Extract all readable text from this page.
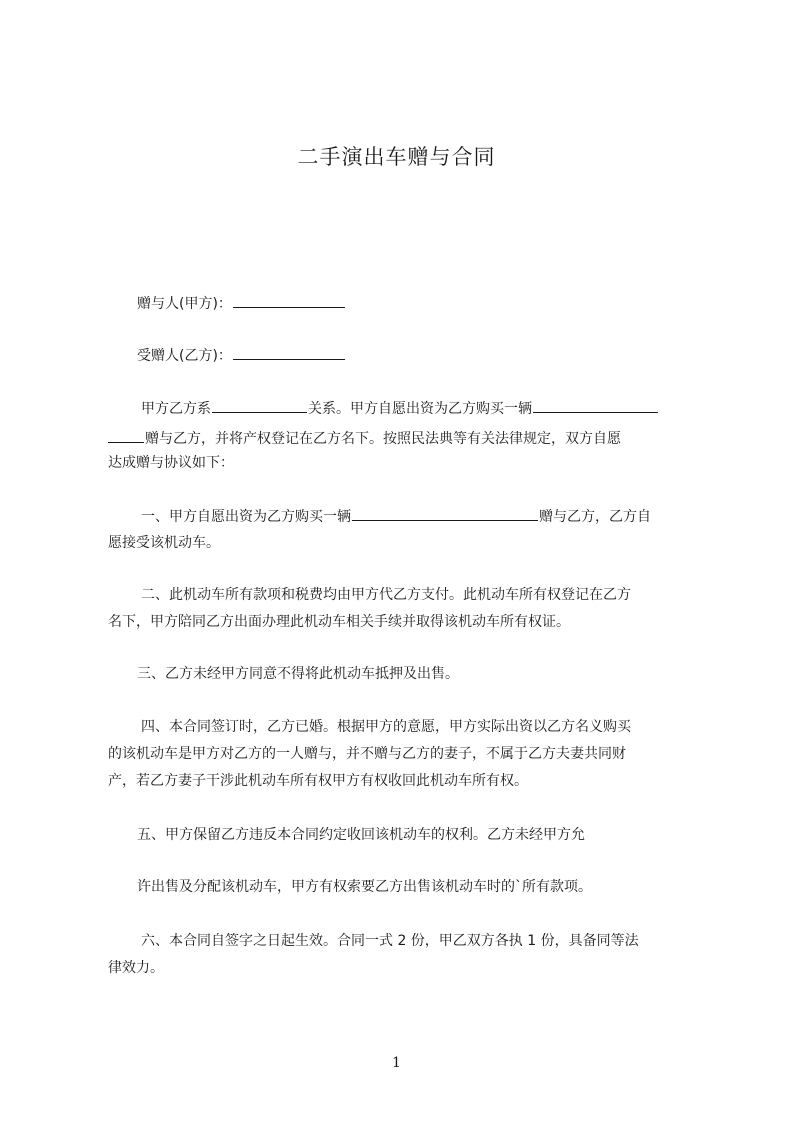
二手演出车赠与合同
赠与人(甲方)：
受赠人(乙方)：
甲方乙方系	关系。甲方自愿出资为乙方购买一辆
赠与乙方，并将产权登记在乙方名下。按照民法典等有关法律规定，双方自愿
达成赠与协议如下：
一、甲方自愿出资为乙方购买一辆	赠与乙方，乙方自
愿接受该机动车。
二、此机动车所有款项和税费均由甲方代乙方支付。此机动车所有权登记在乙方
名下，甲方陪同乙方出面办理此机动车相关手续并取得该机动车所有权证。
三、乙方未经甲方同意不得将此机动车抵押及出售。
四、本合同签订时，乙方已婚。根据甲方的意愿，甲方实际出资以乙方名义购买
的该机动车是甲方对乙方的一人赠与，并不赠与乙方的妻子，不属于乙方夫妻共同财
产，若乙方妻子干涉此机动车所有权甲方有权收回此机动车所有权。
五、甲方保留乙方违反本合同约定收回该机动车的权利。乙方未经甲方允
许出售及分配该机动车，甲方有权索要乙方出售该机动车时的`所有款项。
六、本合同自签字之日起生效。合同一式 2 份，甲乙双方各执 1 份，具备同等法
律效力。
1
